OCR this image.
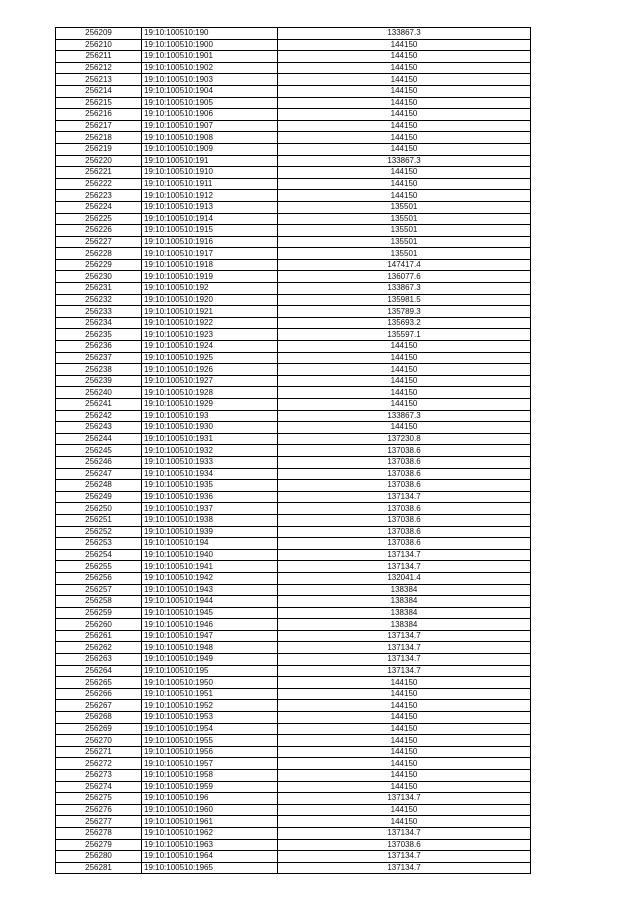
256209	19:10:100510:190	133867.3
256210	19:10:100510:1900	144150
256211	19:10:100510:1901	144150
256212	19:10:100510:1902	144150
256213	19:10:100510:1903	144150
256214	19:10:100510:1904	144150
256215	19:10:100510:1905	144150
256216	19:10:100510:1906	144150
256217	19:10:100510:1907	144150
256218	19:10:100510:1908	144150
256219	19:10:100510:1909	144150
256220	19:10:100510:191	133867.3
256221	19:10:100510:1910	144150
256222	19:10:100510:1911	144150
256223	19:10:100510:1912	144150
256224	19:10:100510:1913	135501
256225	19:10:100510:1914	135501
256226	19:10:100510:1915	135501
256227	19:10:100510:1916	135501
256228	19:10:100510:1917	135501
256229	19:10:100510:1918	147417.4
256230	19:10:100510:1919	136077.6
256231	19:10:100510:192	133867.3
256232	19:10:100510:1920	135981.5
256233	19:10:100510:1921	135789.3
256234	19:10:100510:1922	135693.2
256235	19:10:100510:1923	135597.1
256236	19:10:100510:1924	144150
256237	19:10:100510:1925	144150
256238	19:10:100510:1926	144150
256239	19:10:100510:1927	144150
256240	19:10:100510:1928	144150
256241	19:10:100510:1929	144150
256242	19:10:100510:193	133867.3
256243	19:10:100510:1930	144150
256244	19:10:100510:1931	137230.8
256245	19:10:100510:1932	137038.6
256246	19:10:100510:1933	137038.6
256247	19:10:100510:1934	137038.6
256248	19:10:100510:1935	137038.6
256249	19:10:100510:1936	137134.7
256250	19:10:100510:1937	137038.6
256251	19:10:100510:1938	137038.6
256252	19:10:100510:1939	137038.6
256253	19:10:100510:194	137038.6
256254	19:10:100510:1940	137134.7
256255	19:10:100510:1941	137134.7
256256	19:10:100510:1942	132041.4
256257	19:10:100510:1943	138384
256258	19:10:100510:1944	138384
256259	19:10:100510:1945	138384
256260	19:10:100510:1946	138384
256261	19:10:100510:1947	137134.7
256262	19:10:100510:1948	137134.7
256263	19:10:100510:1949	137134.7
256264	19:10:100510:195	137134.7
256265	19:10:100510:1950	144150
256266	19:10:100510:1951	144150
256267	19:10:100510:1952	144150
256268	19:10:100510:1953	144150
256269	19:10:100510:1954	144150
256270	19:10:100510:1955	144150
256271	19:10:100510:1956	144150
256272	19:10:100510:1957	144150
256273	19:10:100510:1958	144150
256274	19:10:100510:1959	144150
256275	19:10:100510:196	137134.7
256276	19:10:100510:1960	144150
256277	19:10:100510:1961	144150
256278	19:10:100510:1962	137134.7
256279	19:10:100510:1963	137038.6
256280	19:10:100510:1964	137134.7
256281	19:10:100510:1965	137134.7
